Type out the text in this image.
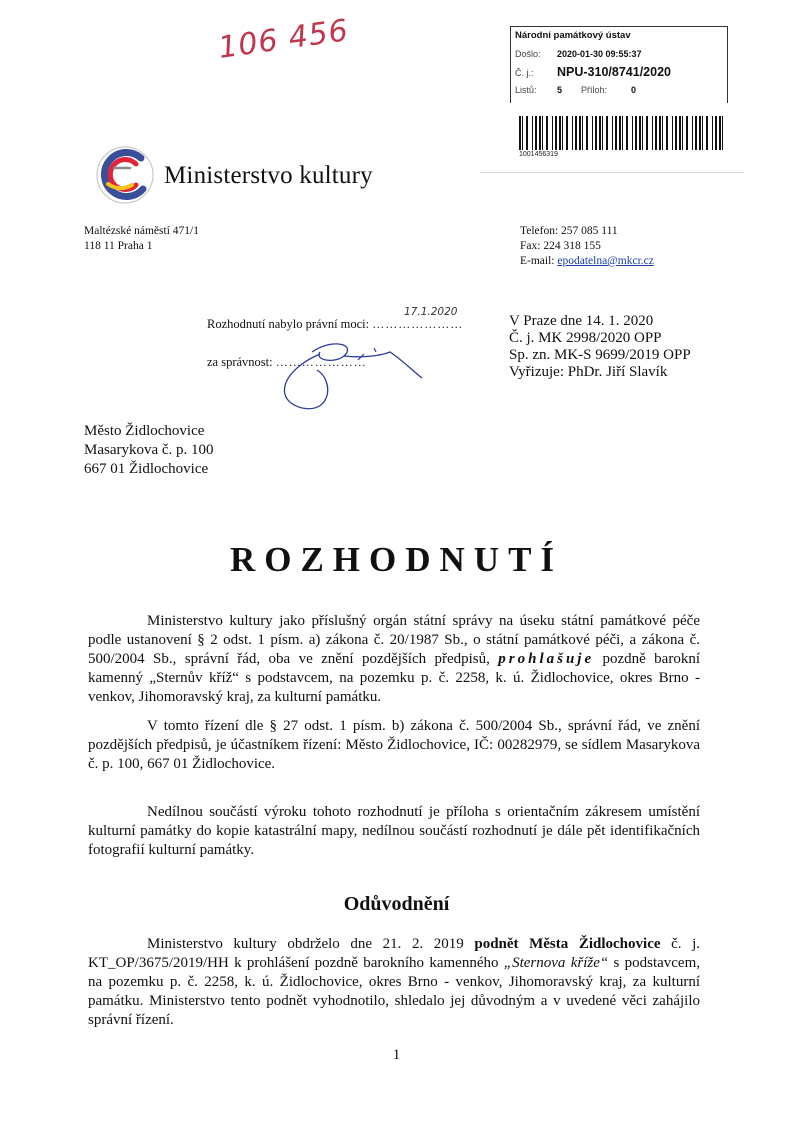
106 456	Národní památkový ústav
Došlo:	2020-01-30 09:55:37
Č. j.:	NPU-310/8741/2020
Listů:	5	Příloh:	0
1001456319
Ministerstvo kultury
Maltézské náměstí 471/1
118 11 Praha 1
Telefon: 257 085 111
Fax: 224 318 155
E-mail: epodatelna@mkcr.cz
Rozhodnutí nabylo právní moci: …………………
17.1.2020
za správnost: …………………
V Praze dne 14. 1. 2020
Č. j. MK 2998/2020 OPP
Sp. zn. MK-S 9699/2019 OPP
Vyřizuje: PhDr. Jiří Slavík
Město Židlochovice
Masarykova č. p. 100
667 01 Židlochovice
ROZHODNUTÍ
Ministerstvo kultury jako příslušný orgán státní správy na úseku státní památkové péče podle ustanovení § 2 odst. 1 písm. a) zákona č. 20/1987 Sb., o státní památkové péči, a zákona č. 500/2004 Sb., správní řád, oba ve znění pozdějších předpisů, prohlašuje pozdně barokní kamenný „Sternův kříž“ s podstavcem, na pozemku p. č. 2258, k. ú. Židlochovice, okres Brno - venkov, Jihomoravský kraj, za kulturní památku.
V tomto řízení dle § 27 odst. 1 písm. b) zákona č. 500/2004 Sb., správní řád, ve znění pozdějších předpisů, je účastníkem řízení: Město Židlochovice, IČ: 00282979, se sídlem Masarykova č. p. 100, 667 01 Židlochovice.
Nedílnou součástí výroku tohoto rozhodnutí je příloha s orientačním zákresem umístění kulturní památky do kopie katastrální mapy, nedílnou součástí rozhodnutí je dále pět identifikačních fotografií kulturní památky.
Odůvodnění
Ministerstvo kultury obdrželo dne 21. 2. 2019 podnět Města Židlochovice č. j. KT_OP/3675/2019/HH k prohlášení pozdně barokního kamenného „Sternova kříže“ s podstavcem, na pozemku p. č. 2258, k. ú. Židlochovice, okres Brno - venkov, Jihomoravský kraj, za kulturní památku. Ministerstvo tento podnět vyhodnotilo, shledalo jej důvodným a v uvedené věci zahájilo správní řízení.
1
